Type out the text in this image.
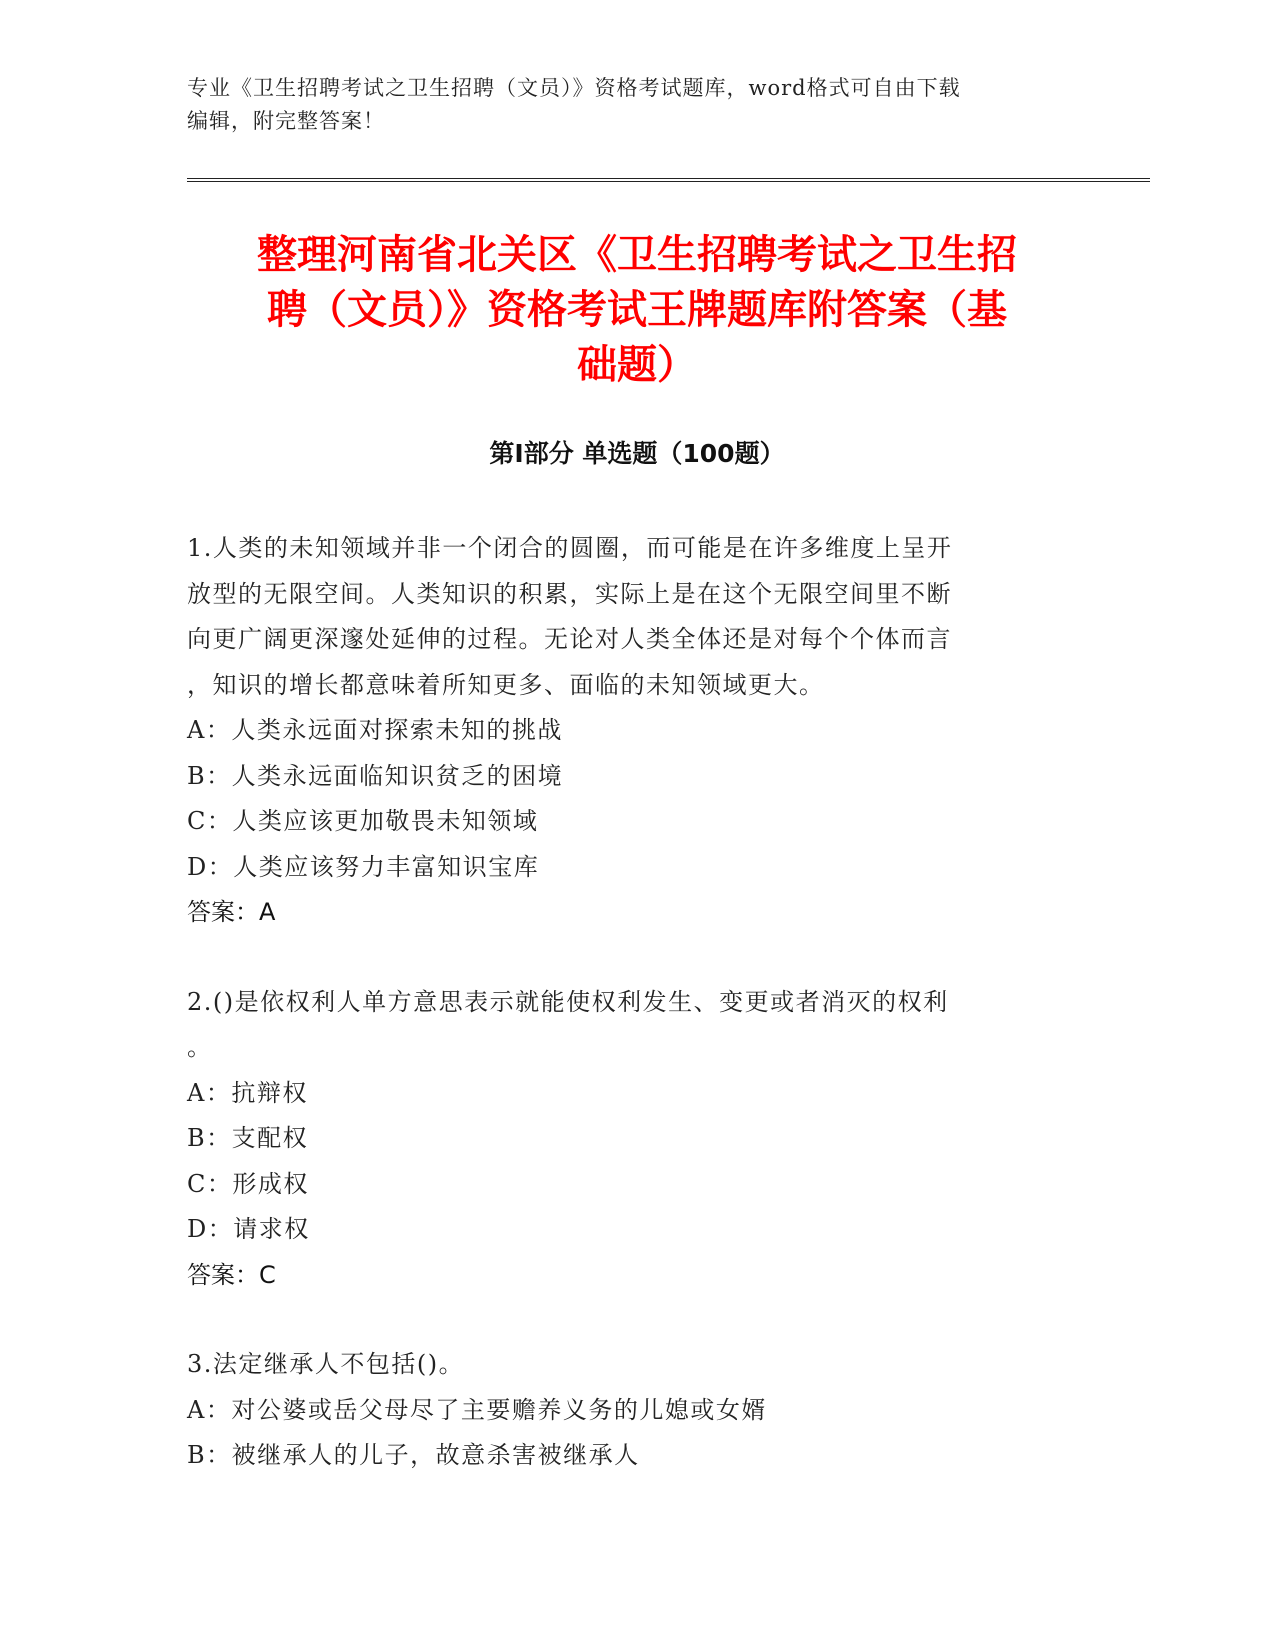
专业《卫生招聘考试之卫生招聘（文员）》资格考试题库，word格式可自由下载
编辑，附完整答案！
整理河南省北关区《卫生招聘考试之卫生招
聘（文员）》资格考试王牌题库附答案（基
础题）
第Ⅰ部分 单选题（100题）

1.人类的未知领域并非一个闭合的圆圈，而可能是在许多维度上呈开
放型的无限空间。人类知识的积累，实际上是在这个无限空间里不断
向更广阔更深邃处延伸的过程。无论对人类全体还是对每个个体而言
，知识的增长都意味着所知更多、面临的未知领域更大。

A：人类永远面对探索未知的挑战

B：人类永远面临知识贫乏的困境

C：人类应该更加敬畏未知领域

D：人类应该努力丰富知识宝库

答案：A

2.()是依权利人单方意思表示就能使权利发生、变更或者消灭的权利
。

A：抗辩权

B：支配权

C：形成权

D：请求权

答案：C

3.法定继承人不包括()。

A：对公婆或岳父母尽了主要赡养义务的儿媳或女婿

B：被继承人的儿子，故意杀害被继承人
